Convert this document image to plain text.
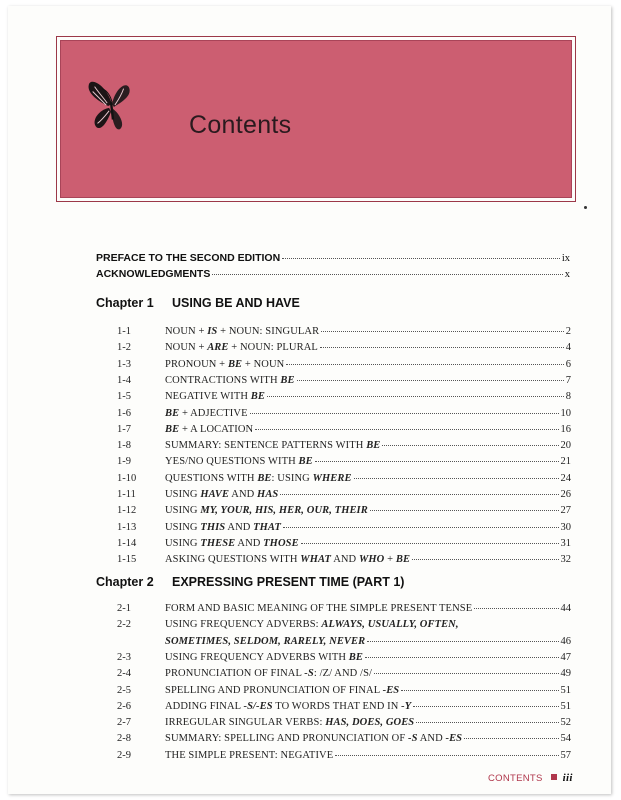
Contents
PREFACE TO THE SECOND EDITION	ix
ACKNOWLEDGMENTS	x
Chapter 1 USING BE AND HAVE
1-1	NOUN + IS + NOUN: SINGULAR	2
1-2	NOUN + ARE + NOUN: PLURAL	4
1-3	PRONOUN + BE + NOUN	6
1-4	CONTRACTIONS WITH BE	7
1-5	NEGATIVE WITH BE	8
1-6	BE + ADJECTIVE	10
1-7	BE + A LOCATION	16
1-8	SUMMARY: SENTENCE PATTERNS WITH BE	20
1-9	YES/NO QUESTIONS WITH BE	21
1-10	QUESTIONS WITH BE: USING WHERE	24
1-11	USING HAVE AND HAS	26
1-12	USING MY, YOUR, HIS, HER, OUR, THEIR	27
1-13	USING THIS AND THAT	30
1-14	USING THESE AND THOSE	31
1-15	ASKING QUESTIONS WITH WHAT AND WHO + BE	32
Chapter 2 EXPRESSING PRESENT TIME (PART 1)
2-1	FORM AND BASIC MEANING OF THE SIMPLE PRESENT TENSE	44
2-2	USING FREQUENCY ADVERBS: ALWAYS, USUALLY, OFTEN,
SOMETIMES, SELDOM, RARELY, NEVER	46
2-3	USING FREQUENCY ADVERBS WITH BE	47
2-4	PRONUNCIATION OF FINAL -S: /Z/ AND /S/	49
2-5	SPELLING AND PRONUNCIATION OF FINAL -ES	51
2-6	ADDING FINAL -S/-ES TO WORDS THAT END IN -Y	51
2-7	IRREGULAR SINGULAR VERBS: HAS, DOES, GOES	52
2-8	SUMMARY: SPELLING AND PRONUNCIATION OF -S AND -ES	54
2-9	THE SIMPLE PRESENT: NEGATIVE	57
CONTENTS iii
